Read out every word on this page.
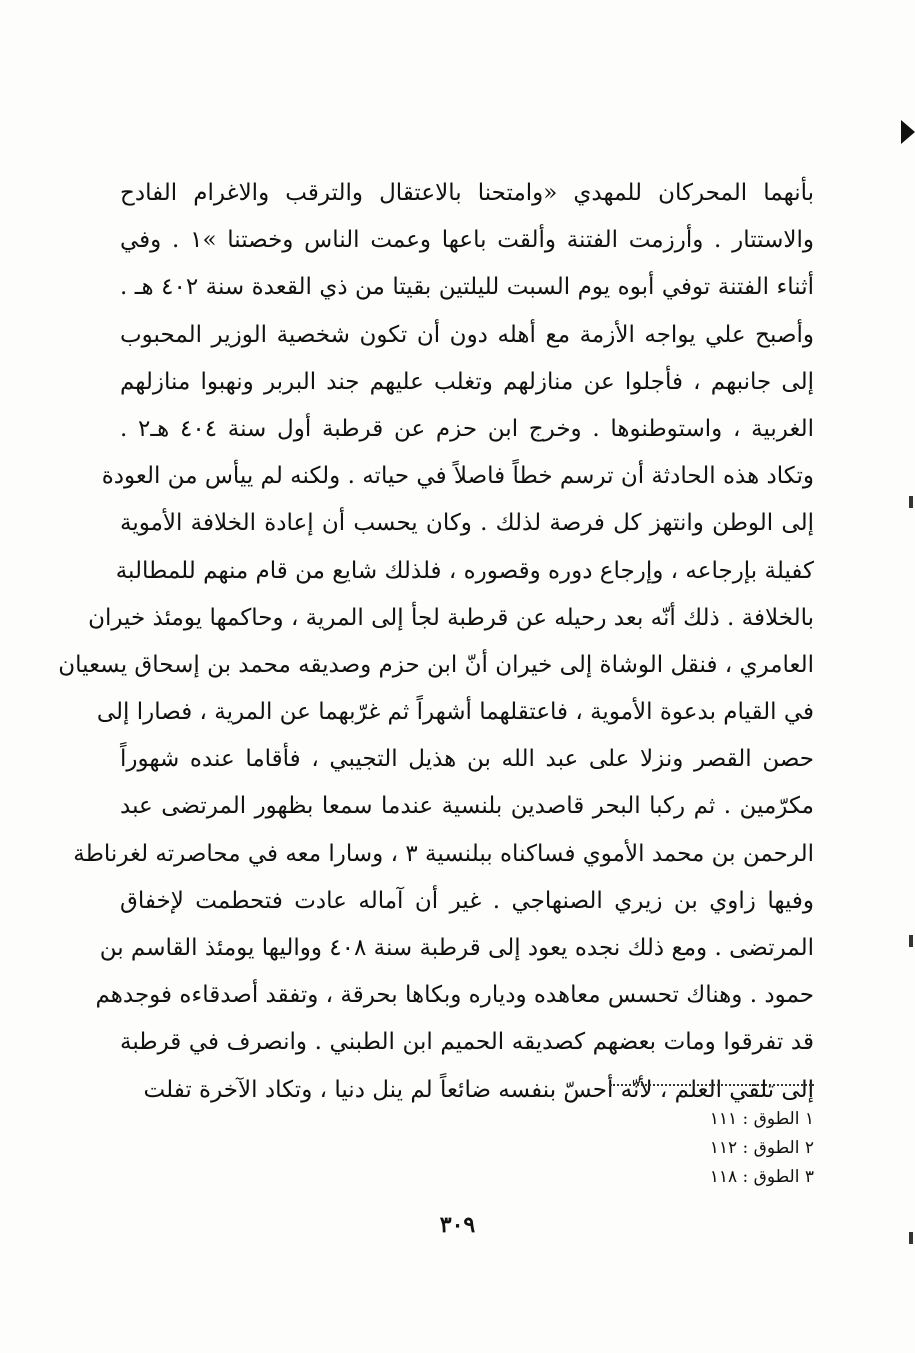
بأنهما المحركان للمهدي «وامتحنا بالاعتقال والترقب والاغرام الفادح
والاستتار . وأرزمت الفتنة وألقت باعها وعمت الناس وخصتنا »١ . وفي
أثناء الفتنة توفي أبوه يوم السبت لليلتين بقيتا من ذي القعدة سنة ٤٠٢ هـ .
وأصبح علي يواجه الأزمة مع أهله دون أن تكون شخصية الوزير المحبوب
إلى جانبهم ، فأجلوا عن منازلهم وتغلب عليهم جند البربر ونهبوا منازلهم
الغربية ، واستوطنوها . وخرج ابن حزم عن قرطبة أول سنة ٤٠٤ هـ٢ .
وتكاد هذه الحادثة أن ترسم خطاً فاصلاً في حياته . ولكنه لم ييأس من العودة
إلى الوطن وانتهز كل فرصة لذلك . وكان يحسب أن إعادة الخلافة الأموية
كفيلة بإرجاعه ، وإرجاع دوره وقصوره ، فلذلك شايع من قام منهم للمطالبة
بالخلافة . ذلك أنّه بعد رحيله عن قرطبة لجأ إلى المرية ، وحاكمها يومئذ خيران
العامري ، فنقل الوشاة إلى خيران أنّ ابن حزم وصديقه محمد بن إسحاق يسعيان
في القيام بدعوة الأموية ، فاعتقلهما أشهراً ثم غرّبهما عن المرية ، فصارا إلى
حصن القصر ونزلا على عبد الله بن هذيل التجيبي ، فأقاما عنده شهوراً
مكرّمين . ثم ركبا البحر قاصدين بلنسية عندما سمعا بظهور المرتضى عبد
الرحمن بن محمد الأموي فساكناه ببلنسية ٣ ، وسارا معه في محاصرته لغرناطة
وفيها زاوي بن زيري الصنهاجي . غير أن آماله عادت فتحطمت لإخفاق
المرتضى . ومع ذلك نجده يعود إلى قرطبة سنة ٤٠٨ وواليها يومئذ القاسم بن
حمود . وهناك تحسس معاهده ودياره وبكاها بحرقة ، وتفقد أصدقاءه فوجدهم
قد تفرقوا ومات بعضهم كصديقه الحميم ابن الطبني . وانصرف في قرطبة
إلى تلقي العلم ، لأنّه أحسّ بنفسه ضائعاً لم ينل دنيا ، وتكاد الآخرة تفلت
١ الطوق : ١١١
٢ الطوق : ١١٢
٣ الطوق : ١١٨
٣٠٩
